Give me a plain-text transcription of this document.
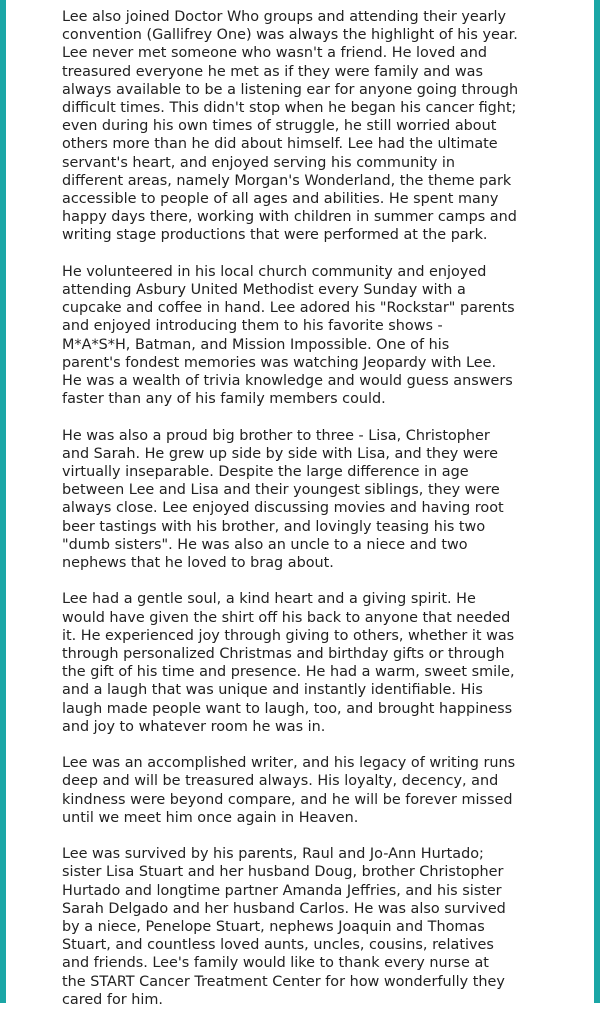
Lee also joined Doctor Who groups and attending their yearly
convention (Gallifrey One) was always the highlight of his year.
Lee never met someone who wasn't a friend. He loved and
treasured everyone he met as if they were family and was
always available to be a listening ear for anyone going through
difficult times. This didn't stop when he began his cancer fight;
even during his own times of struggle, he still worried about
others more than he did about himself. Lee had the ultimate
servant's heart, and enjoyed serving his community in
different areas, namely Morgan's Wonderland, the theme park
accessible to people of all ages and abilities. He spent many
happy days there, working with children in summer camps and
writing stage productions that were performed at the park.

He volunteered in his local church community and enjoyed
attending Asbury United Methodist every Sunday with a
cupcake and coffee in hand. Lee adored his "Rockstar" parents
and enjoyed introducing them to his favorite shows -
M*A*S*H, Batman, and Mission Impossible. One of his
parent's fondest memories was watching Jeopardy with Lee.
He was a wealth of trivia knowledge and would guess answers
faster than any of his family members could.

He was also a proud big brother to three - Lisa, Christopher
and Sarah. He grew up side by side with Lisa, and they were
virtually inseparable. Despite the large difference in age
between Lee and Lisa and their youngest siblings, they were
always close. Lee enjoyed discussing movies and having root
beer tastings with his brother, and lovingly teasing his two
"dumb sisters". He was also an uncle to a niece and two
nephews that he loved to brag about.

Lee had a gentle soul, a kind heart and a giving spirit. He
would have given the shirt off his back to anyone that needed
it. He experienced joy through giving to others, whether it was
through personalized Christmas and birthday gifts or through
the gift of his time and presence. He had a warm, sweet smile,
and a laugh that was unique and instantly identifiable. His
laugh made people want to laugh, too, and brought happiness
and joy to whatever room he was in.

Lee was an accomplished writer, and his legacy of writing runs
deep and will be treasured always. His loyalty, decency, and
kindness were beyond compare, and he will be forever missed
until we meet him once again in Heaven.

Lee was survived by his parents, Raul and Jo-Ann Hurtado;
sister Lisa Stuart and her husband Doug, brother Christopher
Hurtado and longtime partner Amanda Jeffries, and his sister
Sarah Delgado and her husband Carlos. He was also survived
by a niece, Penelope Stuart, nephews Joaquin and Thomas
Stuart, and countless loved aunts, uncles, cousins, relatives
and friends. Lee's family would like to thank every nurse at
the START Cancer Treatment Center for how wonderfully they
cared for him.
